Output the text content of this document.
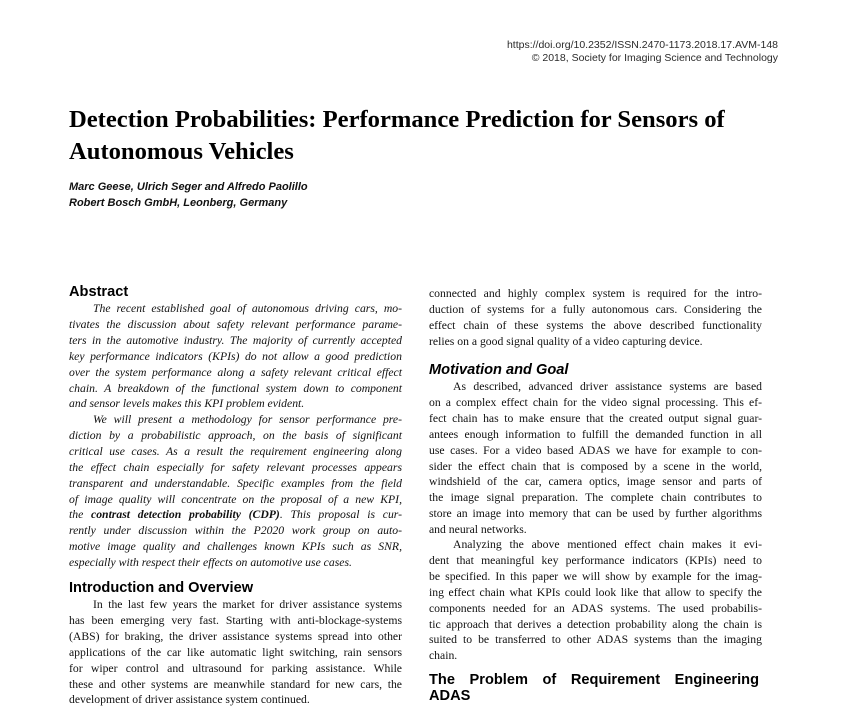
https://doi.org/10.2352/ISSN.2470-1173.2018.17.AVM-148
© 2018, Society for Imaging Science and Technology
Detection Probabilities: Performance Prediction for Sensors of
Autonomous Vehicles
Marc Geese, Ulrich Seger and Alfredo Paolillo
Robert Bosch GmbH, Leonberg, Germany
Abstract
The recent established goal of autonomous driving cars, mo-
tivates the discussion about safety relevant performance parame-
ters in the automotive industry. The majority of currently accepted
key performance indicators (KPIs) do not allow a good prediction
over the system performance along a safety relevant critical effect
chain. A breakdown of the functional system down to component
and sensor levels makes this KPI problem evident.
We will present a methodology for sensor performance pre-
diction by a probabilistic approach, on the basis of significant
critical use cases. As a result the requirement engineering along
the effect chain especially for safety relevant processes appears
transparent and understandable. Specific examples from the field
of image quality will concentrate on the proposal of a new KPI,
the contrast detection probability (CDP). This proposal is cur-
rently under discussion within the P2020 work group on auto-
motive image quality and challenges known KPIs such as SNR,
especially with respect their effects on automotive use cases.
Introduction and Overview
In the last few years the market for driver assistance systems
has been emerging very fast. Starting with anti-blockage-systems
(ABS) for braking, the driver assistance systems spread into other
applications of the car like automatic light switching, rain sensors
for wiper control and ultrasound for parking assistance. While
these and other systems are meanwhile standard for new cars, the
development of driver assistance system continued.
connected and highly complex system is required for the intro-
duction of systems for a fully autonomous cars. Considering the
effect chain of these systems the above described functionality
relies on a good signal quality of a video capturing device.
Motivation and Goal
As described, advanced driver assistance systems are based
on a complex effect chain for the video signal processing. This ef-
fect chain has to make ensure that the created output signal guar-
antees enough information to fulfill the demanded function in all
use cases. For a video based ADAS we have for example to con-
sider the effect chain that is composed by a scene in the world,
windshield of the car, camera optics, image sensor and parts of
the image signal preparation. The complete chain contributes to
store an image into memory that can be used by further algorithms
and neural networks.
Analyzing the above mentioned effect chain makes it evi-
dent that meaningful key performance indicators (KPIs) need to
be specified. In this paper we will show by example for the imag-
ing effect chain what KPIs could look like that allow to specify the
components needed for an ADAS systems. The used probabilis-
tic approach that derives a detection probability along the chain is
suited to be transferred to other ADAS systems than the imaging
chain.
The Problem of Requirement Engineering
ADAS
